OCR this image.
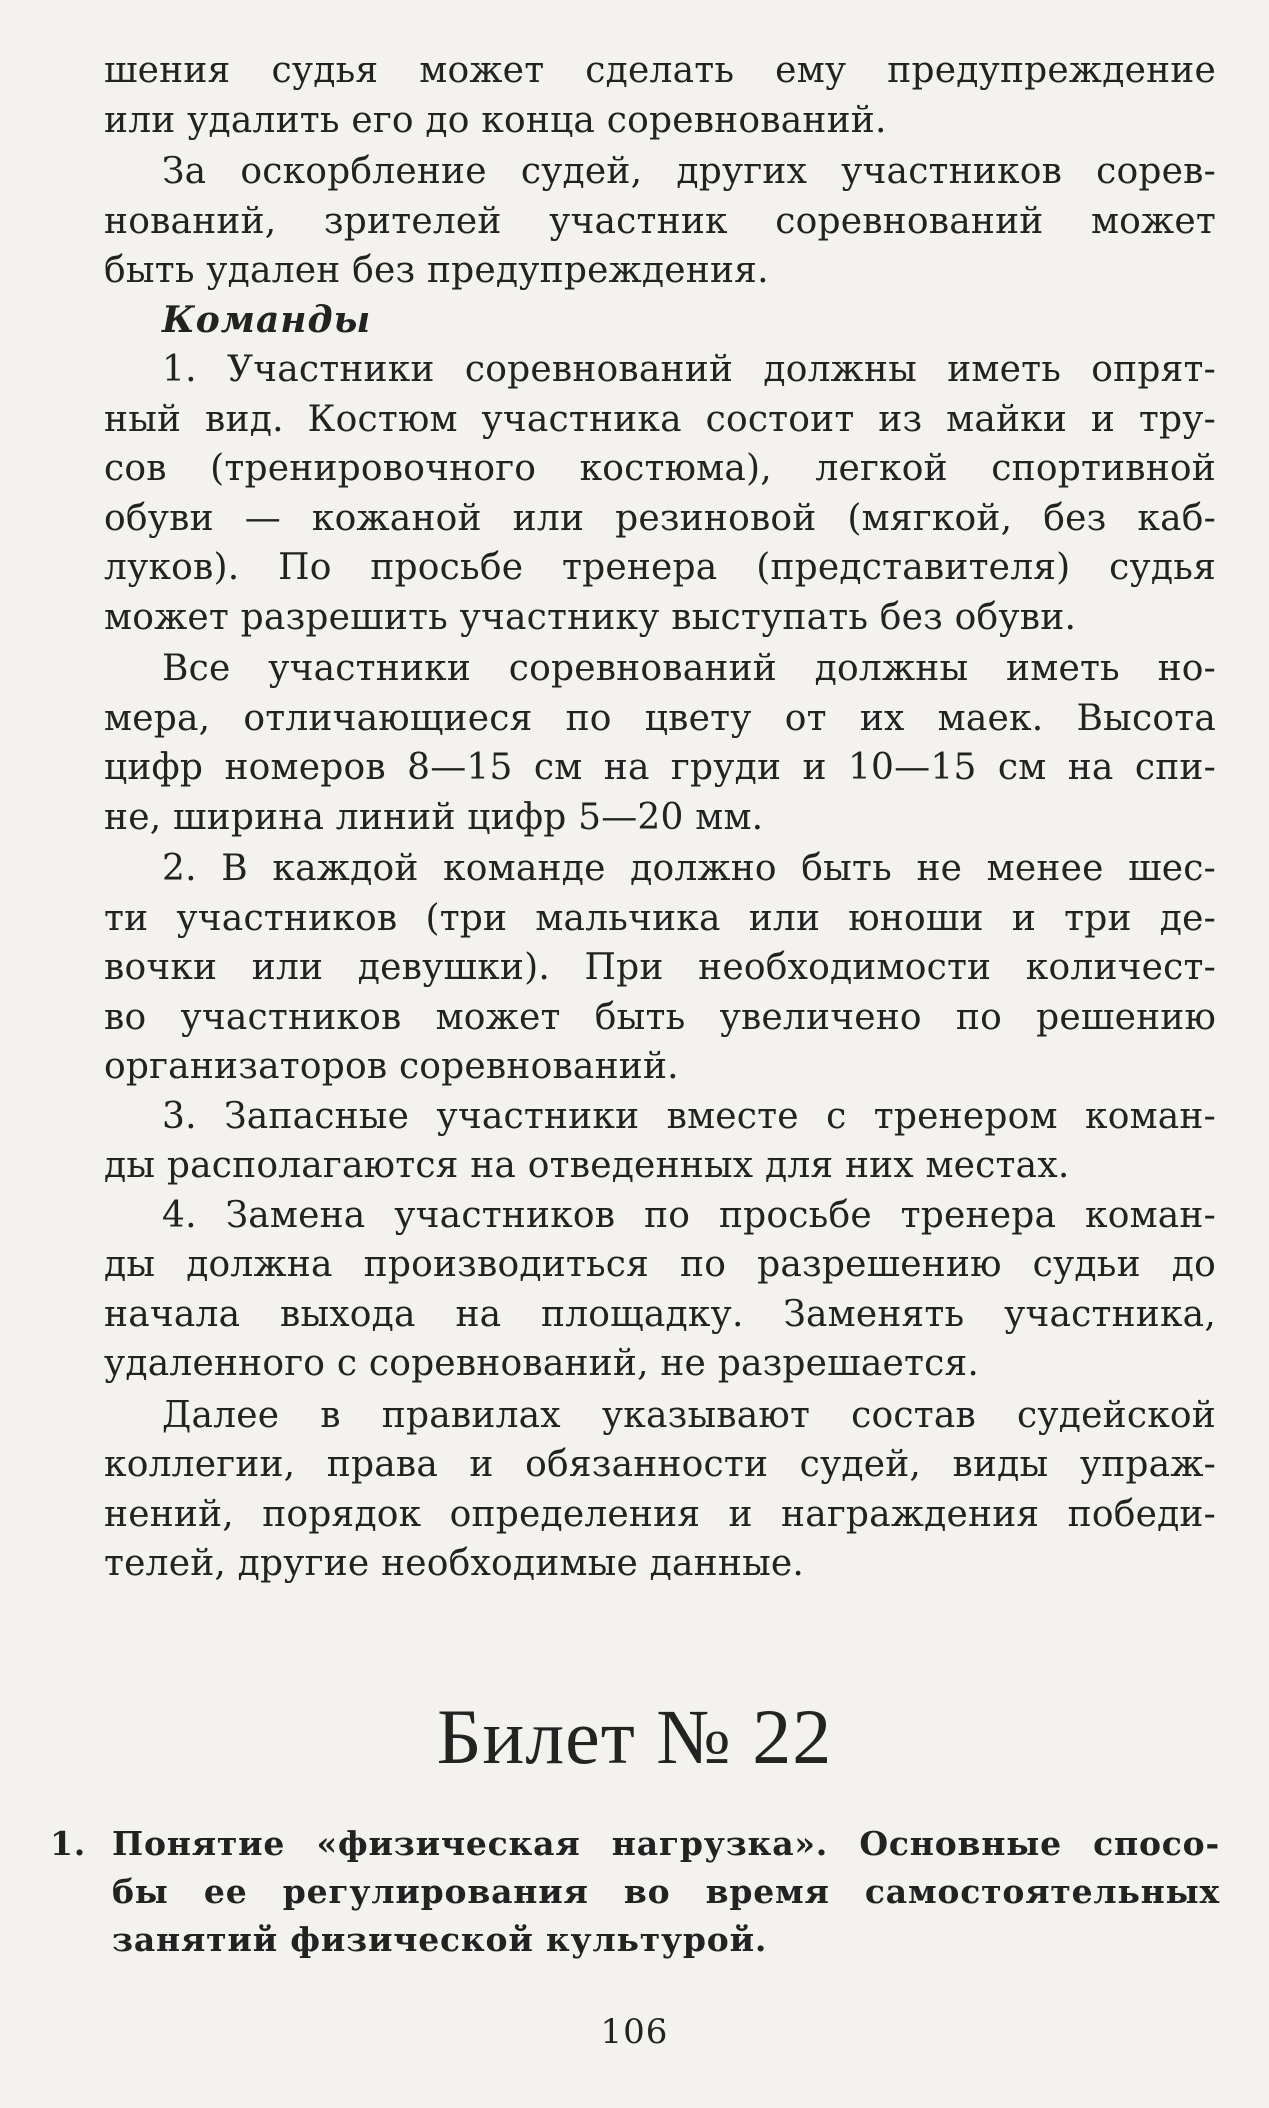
шения судья может сделать ему предупреждение
или удалить его до конца соревнований.
За оскорбление судей, других участников сорев-
нований, зрителей участник соревнований может
быть удален без предупреждения.
Команды
1. Участники соревнований должны иметь опрят-
ный вид. Костюм участника состоит из майки и тру-
сов (тренировочного костюма), легкой спортивной
обуви — кожаной или резиновой (мягкой, без каб-
луков). По просьбе тренера (представителя) судья
может разрешить участнику выступать без обуви.
Все участники соревнований должны иметь но-
мера, отличающиеся по цвету от их маек. Высота
цифр номеров 8—15 см на груди и 10—15 см на спи-
не, ширина линий цифр 5—20 мм.
2. В каждой команде должно быть не менее шес-
ти участников (три мальчика или юноши и три де-
вочки или девушки). При необходимости количест-
во участников может быть увеличено по решению
организаторов соревнований.
3. Запасные участники вместе с тренером коман-
ды располагаются на отведенных для них местах.
4. Замена участников по просьбе тренера коман-
ды должна производиться по разрешению судьи до
начала выхода на площадку. Заменять участника,
удаленного с соревнований, не разрешается.
Далее в правилах указывают состав судейской
коллегии, права и обязанности судей, виды упраж-
нений, порядок определения и награждения победи-
телей, другие необходимые данные.
Билет № 22
1. Понятие «физическая нагрузка». Основные спосо-
бы ее регулирования во время самостоятельных
занятий физической культурой.
106
